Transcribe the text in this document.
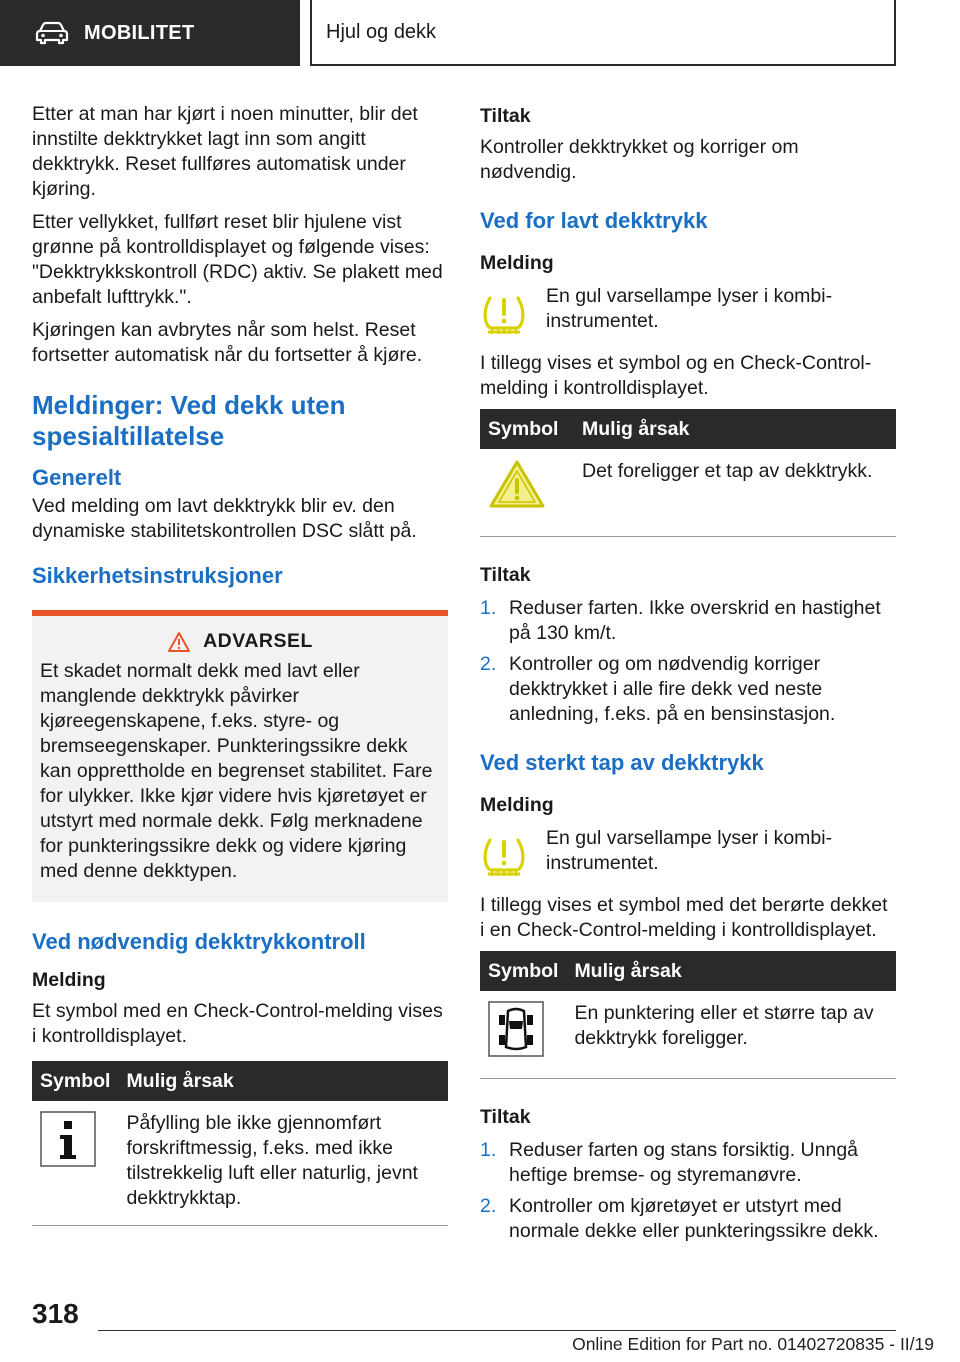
MOBILITET	Hjul og dekk

Etter at man har kjørt i noen minutter, blir det innstilte dekktrykket lagt inn som angitt dekktrykk. Reset fullføres automatisk under kjøring.

Etter vellykket, fullført reset blir hjulene vist grønne på kontrolldisplayet og følgende vises: "Dekktrykkskontroll (RDC) aktiv. Se plakett med anbefalt lufttrykk.".

Kjøringen kan avbrytes når som helst. Reset fortsetter automatisk når du fortsetter å kjøre.

Meldinger: Ved dekk uten spesialtillatelse
Generelt

Ved melding om lavt dekktrykk blir ev. den dynamiske stabilitetskontrollen DSC slått på.

Sikkerhetsinstruksjoner
ADVARSEL

Et skadet normalt dekk med lavt eller manglende dekktrykk påvirker kjøreegenskapene, f.eks. styre- og bremseegenskaper. Punkteringssikre dekk kan opprettholde en begrenset stabilitet. Fare for ulykker. Ikke kjør videre hvis kjøretøyet er utstyrt med normale dekk. Følg merknadene for punkteringssikre dekk og videre kjøring med denne dekktypen.

Ved nødvendig dekktrykkontroll
Melding

Et symbol med en Check-Control-melding vises i kontrolldisplayet.

Symbol	Mulig årsak
	Påfylling ble ikke gjennomført forskriftmessig, f.eks. med ikke tilstrekkelig luft eller naturlig, jevnt dekktrykktap.
Tiltak

Kontroller dekktrykket og korriger om nødvendig.

Ved for lavt dekktrykk
Melding

En gul varsellampe lyser i kombi-instrumentet.

I tillegg vises et symbol og en Check-Control-melding i kontrolldisplayet.

Symbol	Mulig årsak
	Det foreligger et tap av dekktrykk.
Tiltak
1. Reduser farten. Ikke overskrid en hastighet på 130 km/t.
2. Kontroller og om nødvendig korriger dekktrykket i alle fire dekk ved neste anledning, f.eks. på en bensinstasjon.
Ved sterkt tap av dekktrykk
Melding

En gul varsellampe lyser i kombi-instrumentet.

I tillegg vises et symbol med det berørte dekket i en Check-Control-melding i kontrolldisplayet.

Symbol	Mulig årsak
	En punktering eller et større tap av dekktrykk foreligger.
Tiltak
1. Reduser farten og stans forsiktig. Unngå heftige bremse- og styremanøvre.
2. Kontroller om kjøretøyet er utstyrt med normale dekke eller punkteringssikre dekk.
318
Online Edition for Part no. 01402720835 - II/19
